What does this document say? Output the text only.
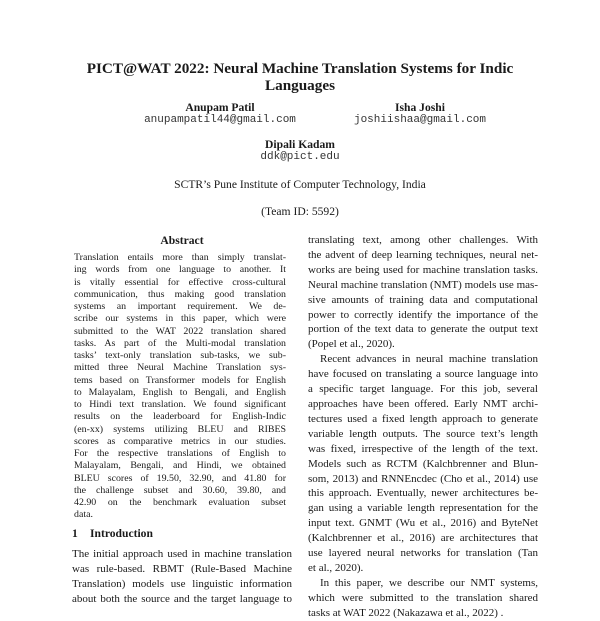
PICT@WAT 2022: Neural Machine Translation Systems for Indic
Languages
Anupam Patil
anupampatil44@gmail.com
Isha Joshi
joshiishaa@gmail.com
Dipali Kadam
ddk@pict.edu
SCTR’s Pune Institute of Computer Technology, India
(Team ID: 5592)
Abstract
Translation entails more than simply translat-
ing words from one language to another. It
is vitally essential for effective cross-cultural
communication, thus making good translation
systems an important requirement. We de-
scribe our systems in this paper, which were
submitted to the WAT 2022 translation shared
tasks. As part of the Multi-modal translation
tasks’ text-only translation sub-tasks, we sub-
mitted three Neural Machine Translation sys-
tems based on Transformer models for English
to Malayalam, English to Bengali, and English
to Hindi text translation. We found significant
results on the leaderboard for English-Indic
(en-xx) systems utilizing BLEU and RIBES
scores as comparative metrics in our studies.
For the respective translations of English to
Malayalam, Bengali, and Hindi, we obtained
BLEU scores of 19.50, 32.90, and 41.80 for
the challenge subset and 30.60, 39.80, and
42.90 on the benchmark evaluation subset
data.
1 Introduction
The initial approach used in machine translation
was rule-based. RBMT (Rule-Based Machine
Translation) models use linguistic information
about both the source and the target language to
translating text, among other challenges. With
the advent of deep learning techniques, neural net-
works are being used for machine translation tasks.
Neural machine translation (NMT) models use mas-
sive amounts of training data and computational
power to correctly identify the importance of the
portion of the text data to generate the output text
(Popel et al., 2020).
Recent advances in neural machine translation
have focused on translating a source language into
a specific target language. For this job, several
approaches have been offered. Early NMT archi-
tectures used a fixed length approach to generate
variable length outputs. The source text’s length
was fixed, irrespective of the length of the text.
Models such as RCTM (Kalchbrenner and Blun-
som, 2013) and RNNEncdec (Cho et al., 2014) use
this approach. Eventually, newer architectures be-
gan using a variable length representation for the
input text. GNMT (Wu et al., 2016) and ByteNet
(Kalchbrenner et al., 2016) are architectures that
use layered neural networks for translation (Tan
et al., 2020).
In this paper, we describe our NMT systems,
which were submitted to the translation shared
tasks at WAT 2022 (Nakazawa et al., 2022) .
